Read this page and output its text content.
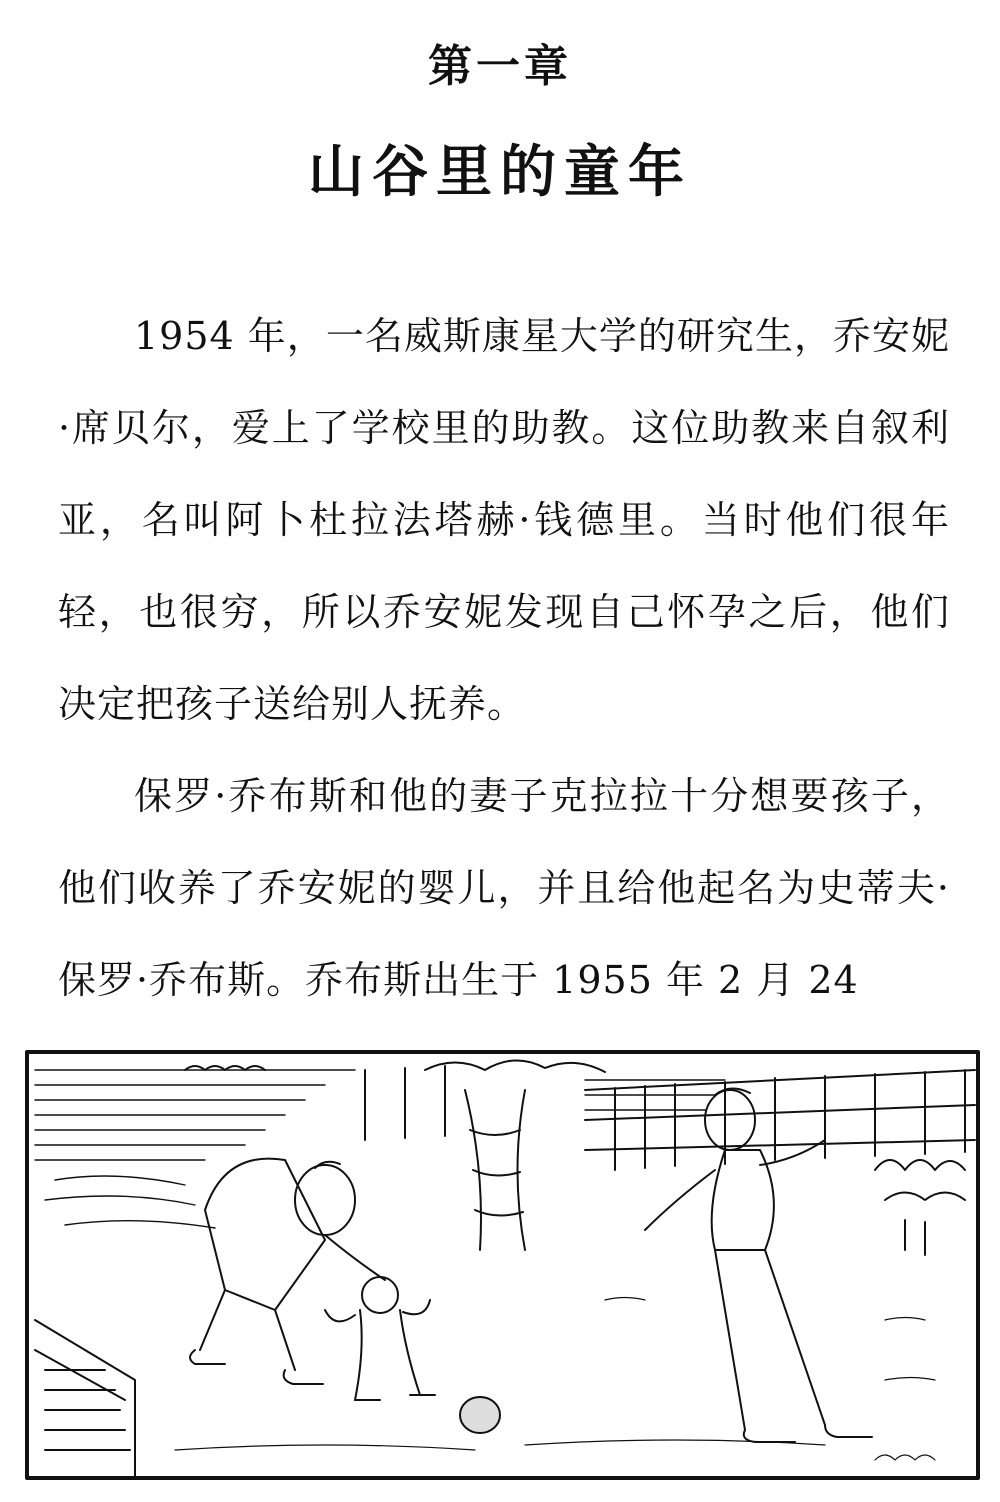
第一章
山谷里的童年

1954 年，一名威斯康星大学的研究生，乔安妮·席贝尔，爱上了学校里的助教。这位助教来自叙利亚，名叫阿卜杜拉法塔赫·钱德里。当时他们很年轻，也很穷，所以乔安妮发现自己怀孕之后，他们决定把孩子送给别人抚养。

保罗·乔布斯和他的妻子克拉拉十分想要孩子，他们收养了乔安妮的婴儿，并且给他起名为史蒂夫·保罗·乔布斯。乔布斯出生于 1955 年 2 月 24
